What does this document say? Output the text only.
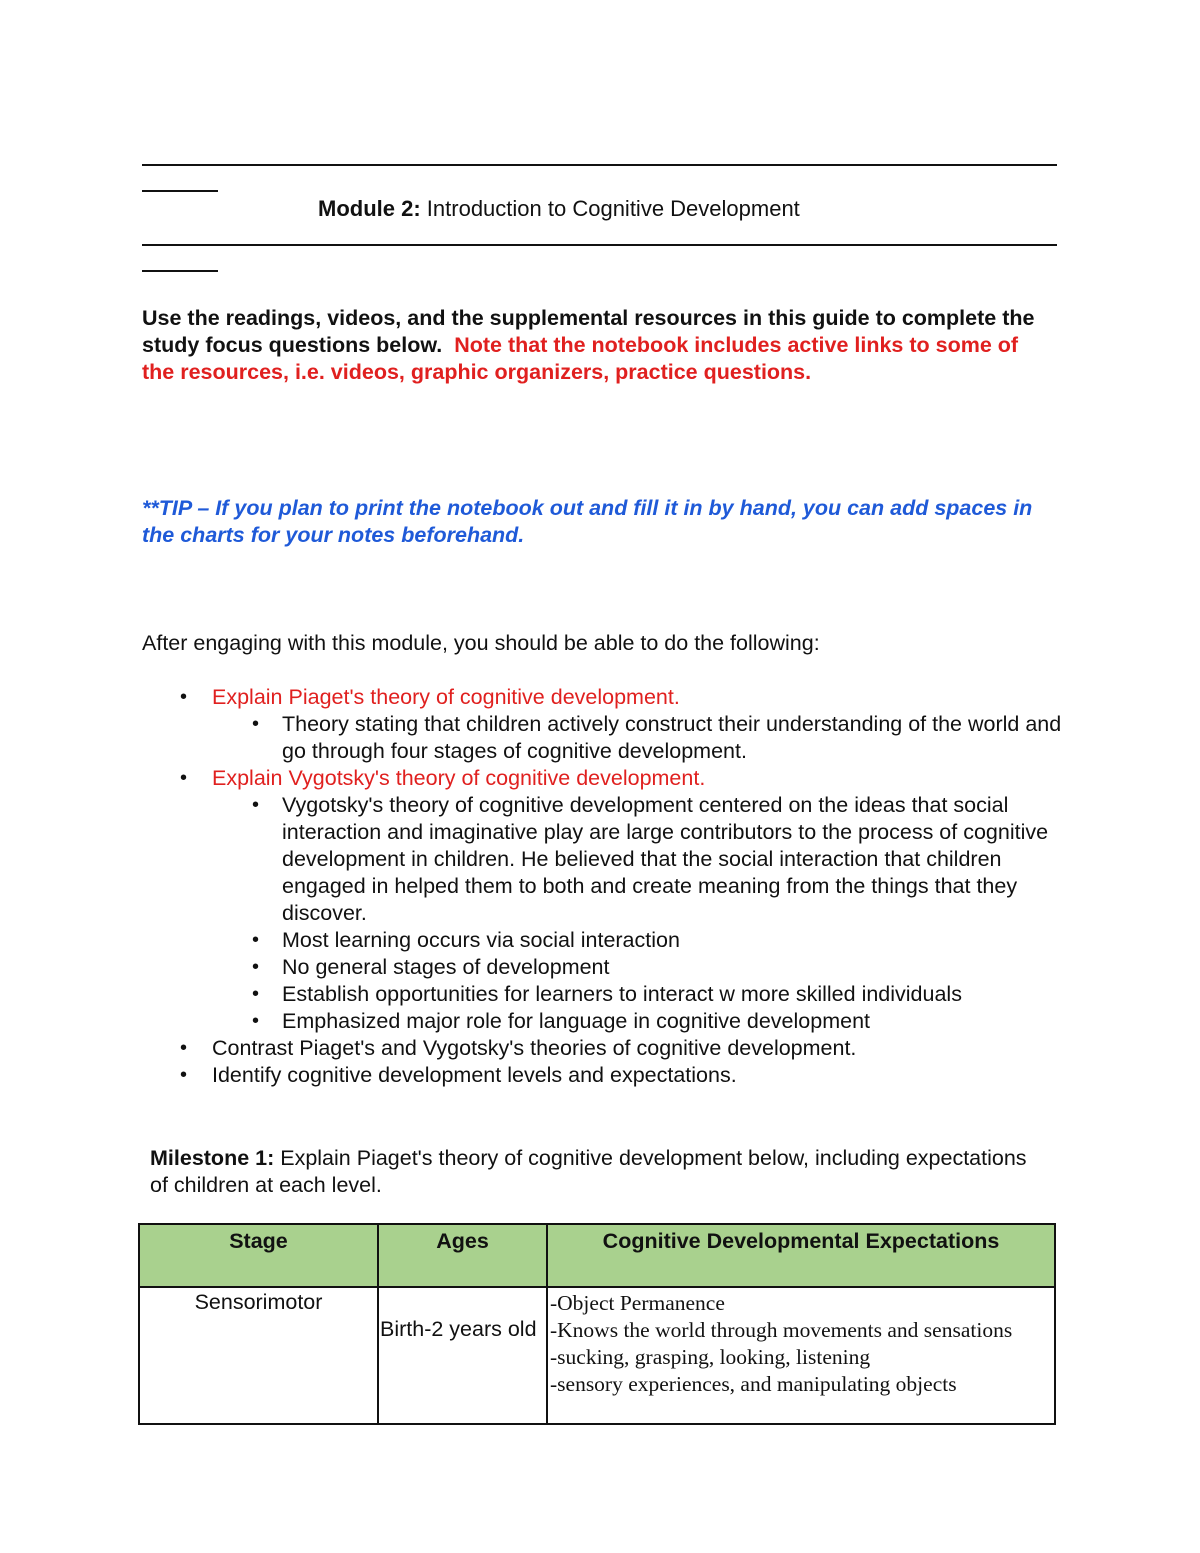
Module 2: Introduction to Cognitive Development
Use the readings, videos, and the supplemental resources in this guide to complete the study focus questions below. Note that the notebook includes active links to some of the resources, i.e. videos, graphic organizers, practice questions.
**TIP – If you plan to print the notebook out and fill it in by hand, you can add spaces in the charts for your notes beforehand.
After engaging with this module, you should be able to do the following:
• Explain Piaget's theory of cognitive development.
• Theory stating that children actively construct their understanding of the world and go through four stages of cognitive development.
• Explain Vygotsky's theory of cognitive development.
• Vygotsky's theory of cognitive development centered on the ideas that social interaction and imaginative play are large contributors to the process of cognitive development in children. He believed that the social interaction that children engaged in helped them to both and create meaning from the things that they discover.
• Most learning occurs via social interaction
• No general stages of development
• Establish opportunities for learners to interact w more skilled individuals
• Emphasized major role for language in cognitive development
• Contrast Piaget's and Vygotsky's theories of cognitive development.
• Identify cognitive development levels and expectations.
Milestone 1: Explain Piaget's theory of cognitive development below, including expectations of children at each level.
Stage	Ages	Cognitive Developmental Expectations
Sensorimotor	Birth-2 years old	-Object Permanence
-Knows the world through movements and sensations
-sucking, grasping, looking, listening
-sensory experiences, and manipulating objects
